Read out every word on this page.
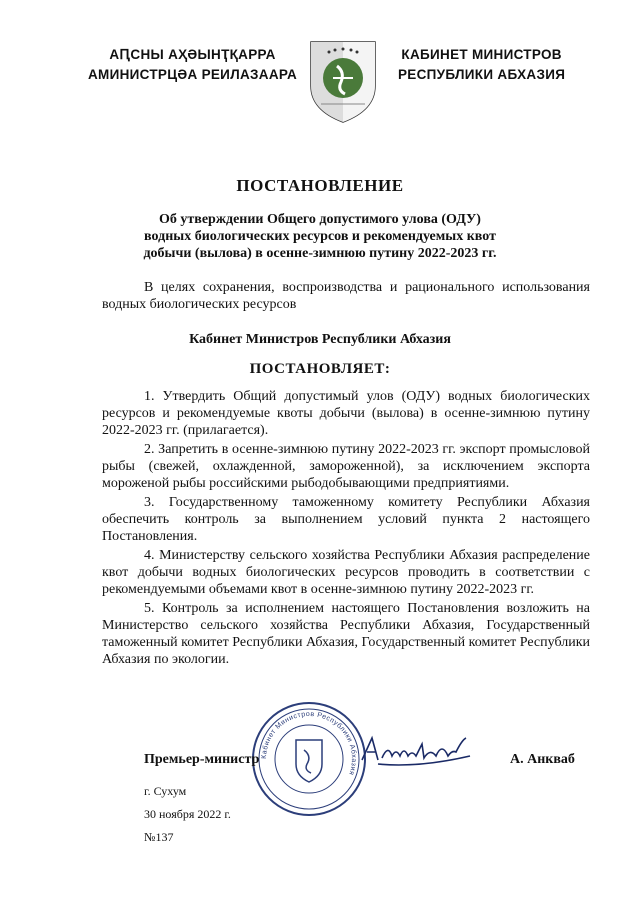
АԤСНЫ АҲӘЫНҬҚАРРА
АМИНИСТРЦӘА РЕИЛАЗААРА
КАБИНЕТ МИНИСТРОВ
РЕСПУБЛИКИ АБХАЗИЯ
ПОСТАНОВЛЕНИЕ
Об утверждении Общего допустимого улова (ОДУ)
водных биологических ресурсов и рекомендуемых квот
добычи (вылова) в осенне-зимнюю путину 2022-2023 гг.
В целях сохранения, воспроизводства и рационального использования водных биологических ресурсов
Кабинет Министров Республики Абхазия
ПОСТАНОВЛЯЕТ:

1. Утвердить Общий допустимый улов (ОДУ) водных биологических ресурсов и рекомендуемые квоты добычи (вылова) в осенне-зимнюю путину 2022-2023 гг. (прилагается).

2. Запретить в осенне-зимнюю путину 2022-2023 гг. экспорт промысловой рыбы (свежей, охлажденной, замороженной), за исключением экспорта мороженой рыбы российскими рыбодобывающими предприятиями.

3. Государственному таможенному комитету Республики Абхазия обеспечить контроль за выполнением условий пункта 2 настоящего Постановления.

4. Министерству сельского хозяйства Республики Абхазия распределение квот добычи водных биологических ресурсов проводить в соответствии с рекомендуемыми объемами квот в осенне-зимнюю путину 2022-2023 гг.

5. Контроль за исполнением настоящего Постановления возложить на Министерство сельского хозяйства Республики Абхазия, Государственный таможенный комитет Республики Абхазия, Государственный комитет Республики Абхазия по экологии.

Кабинет Министров Республики Абхазия
Премьер-министр	А. Анкваб
г. Сухум
30 ноября 2022 г.
№137
